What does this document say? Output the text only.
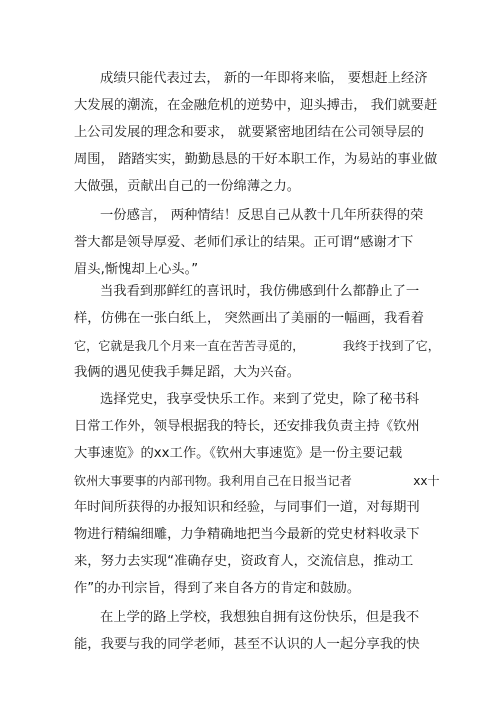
成绩只能代表过去， 新的一年即将来临， 要想赶上经济
大发展的潮流，在金融危机的逆势中，迎头搏击， 我们就要赶
上公司发展的理念和要求， 就要紧密地团结在公司领导层的
周围， 踏踏实实，勤勤恳恳的干好本职工作，为易站的事业做
大做强，贡献出自己的一份绵薄之力。
一份感言， 两种情结！反思自己从教十几年所获得的荣
誉大都是领导厚爱、老师们承让的结果。正可谓“感谢才下
眉头,惭愧却上心头。”
当我看到那鲜红的喜讯时，我仿佛感到什么都静止了一
样，仿佛在一张白纸上， 突然画出了美丽的一幅画，我看着
它，它就是我几个月来一直在苦苦寻觅的，          我终于找到了它，
我俩的遇见使我手舞足蹈，大为兴奋。
选择党史，我享受快乐工作。来到了党史，除了秘书科
日常工作外，领导根据我的特长，还安排我负责主持《钦州
大事速览》的xx工作。《钦州大事速览》是一份主要记载
钦州大事要事的内部刊物。我利用自己在日报当记者                xx十
年时间所获得的办报知识和经验，与同事们一道，对每期刊
物进行精编细雕，力争精确地把当今最新的党史材料收录下
来，努力去实现“准确存史，资政育人，交流信息，推动工
作”的办刊宗旨，得到了来自各方的肯定和鼓励。
在上学的路上学校，我想独自拥有这份快乐，但是我不
能，我要与我的同学老师，甚至不认识的人一起分享我的快
